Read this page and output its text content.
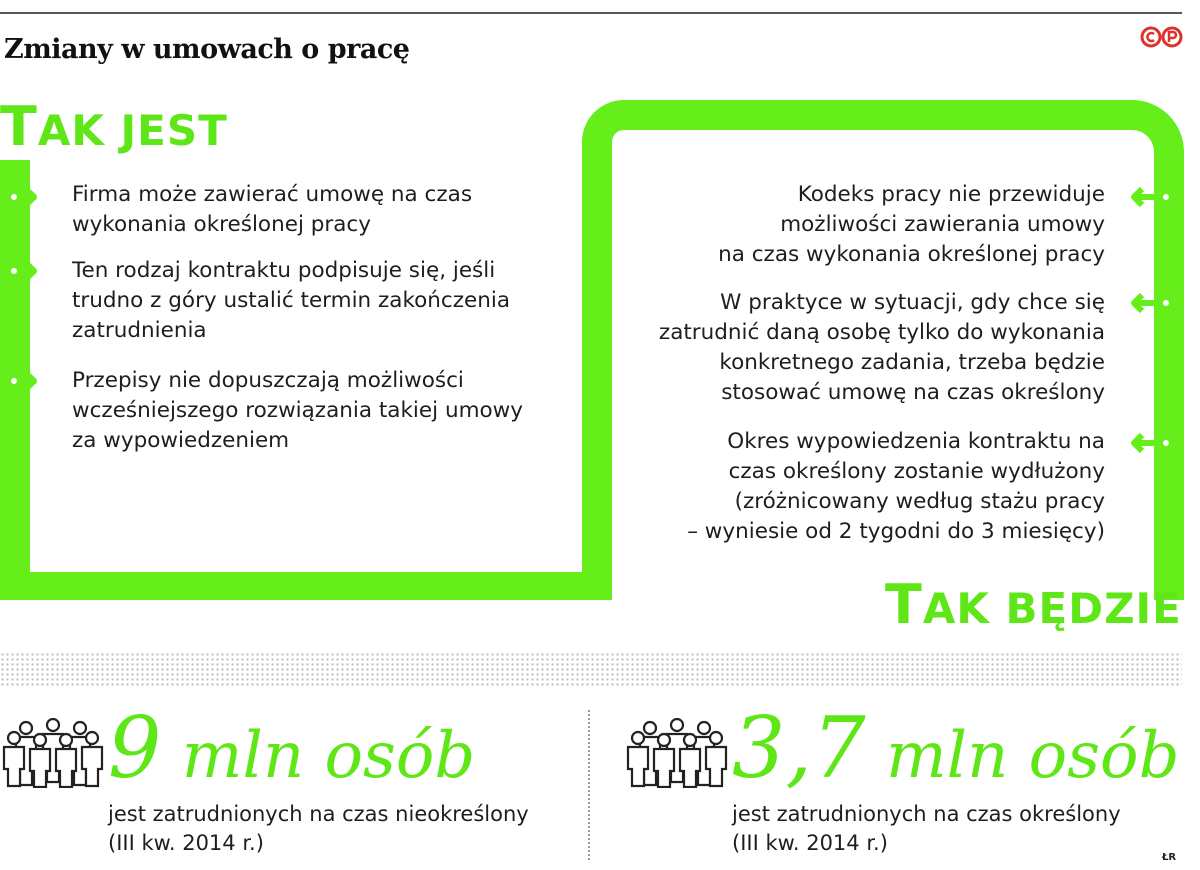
Zmiany w umowach o pracę
TAK JEST
TAK BĘDZIE
Firma może zawierać umowę na czas
wykonania określonej pracy
Ten rodzaj kontraktu podpisuje się, jeśli
trudno z góry ustalić termin zakończenia
zatrudnienia
Przepisy nie dopuszczają możliwości
wcześniejszego rozwiązania takiej umowy
za wypowiedzeniem
Kodeks pracy nie przewiduje
możliwości zawierania umowy
na czas wykonania określonej pracy
W praktyce w sytuacji, gdy chce się
zatrudnić daną osobę tylko do wykonania
konkretnego zadania, trzeba będzie
stosować umowę na czas określony
Okres wypowiedzenia kontraktu na
czas określony zostanie wydłużony
(zróżnicowany według stażu pracy
– wyniesie od 2 tygodni do 3 miesięcy)
9 mln osób
jest zatrudnionych na czas nieokreślony
(III kw. 2014 r.)
3,7 mln osób
jest zatrudnionych na czas określony
(III kw. 2014 r.)
ŁR
